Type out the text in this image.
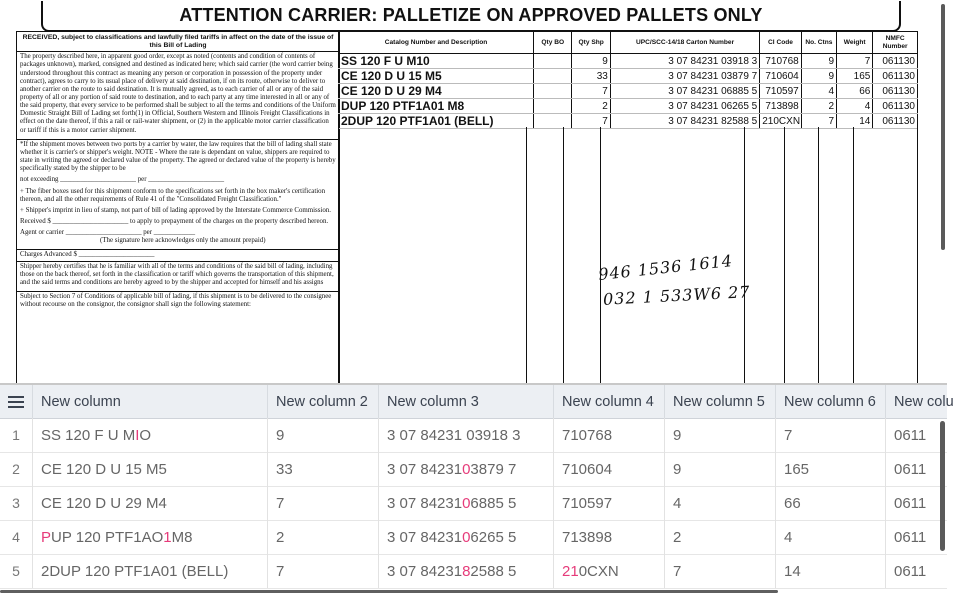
ATTENTION CARRIER: PALLETIZE ON APPROVED PALLETS ONLY
RECEIVED, subject to classifications and lawfully filed tariffs in affect on the date of the issue of this Bill of Lading

The property described here, in apparent good order, except as noted (contents and condition of contents of packages unknown), marked, consigned and destined as indicated here; which said carrier (the word carrier being understood throughout this contract as meaning any person or corporation in possession of the property under contract), agrees to carry to its usual place of delivery at said destination, if on its route, otherwise to deliver to another carrier on the route to said destination. It is mutually agreed, as to each carrier of all or any of the said property of all or any portion of said route to destination, and to each party at any time interested in all or any of the said property, that every service to be performed shall be subject to all the terms and conditions of the Uniform Domestic Straight Bill of Lading set forth(1) in Official, Southern Western and Illinois Freight Classifications in effect on the date thereof, if this a rail or rail-water shipment, or (2) in the applicable motor carrier classification or tariff if this is a motor carrier shipment.

*If the shipment moves between two ports by a carrier by water, the law requires that the bill of lading shall state whether it is carrier's or shipper's weight. NOTE - Where the rate is dependant on value, shippers are required to state in writing the agreed or declared value of the property. The agreed or declared value of the property is hereby specifically stated by the shipper to be

not exceeding ______________________ per ______________________

+ The fiber boxes used for this shipment conform to the specifications set forth in the box maker's certification thereon, and all the other requirements of Rule 41 of the "Consolidated Freight Classification."

+ Shipper's imprint in lieu of stamp, not part of bill of lading approved by the Interstate Commerce Commission.

Received $ ______________________ to apply to prepayment of the charges on the property described hereon.

Agent or carrier ______________________ per ____________

(The signature here acknowledges only the amount prepaid)

Charges Advanced $ ______________________

Shipper hereby certifies that he is familiar with all of the terms and conditions of the said bill of lading, including those on the back thereof, set forth in the classification or tariff which governs the transportation of this shipment, and the said terms and conditions are hereby agreed to by the shipper and accepted for himself and his assigns

Subject to Section 7 of Conditions of applicable bill of lading, if this shipment is to be delivered to the consignee without recourse on the consignor, the consignor shall sign the following statement:

Catalog Number and Description	Qty BO	Qty Shp	UPC/SCC-14/18 Carton Number	CI Code	No. Ctns	Weight	NMFC Number
SS 120 F U M10		9	3 07 84231 03918 3	710768	9	7	061130
CE 120 D U 15 M5		33	3 07 84231 03879 7	710604	9	165	061130
CE 120 D U 29 M4		7	3 07 84231 06885 5	710597	4	66	061130
DUP 120 PTF1A01 M8		2	3 07 84231 06265 5	713898	2	4	061130
2DUP 120 PTF1A01 (BELL)		7	3 07 84231 82588 5	210CXN	7	14	061130
946 1536 1614
032 1 533W6 27
New column	New column 2	New column 3	New column 4	New column 5	New column 6	New colu
1	SS 120 F U M I O	9	3 07 84231 03918 3	710768	9	7	0611
2	CE 120 D U 15 M5	33	3 07 84231 0 3879 7	710604	9	165	0611
3	CE 120 D U 29 M4	7	3 07 84231 0 6885 5	710597	4	66	0611
4	P UP 120 PTF1AO 1 M8	2	3 07 84231 0 6265 5	713898	2	4	0611
5	2DUP 120 PTF1A01 (BELL)	7	3 07 84231 8 2588 5	21 0CXN	7	14	0611
